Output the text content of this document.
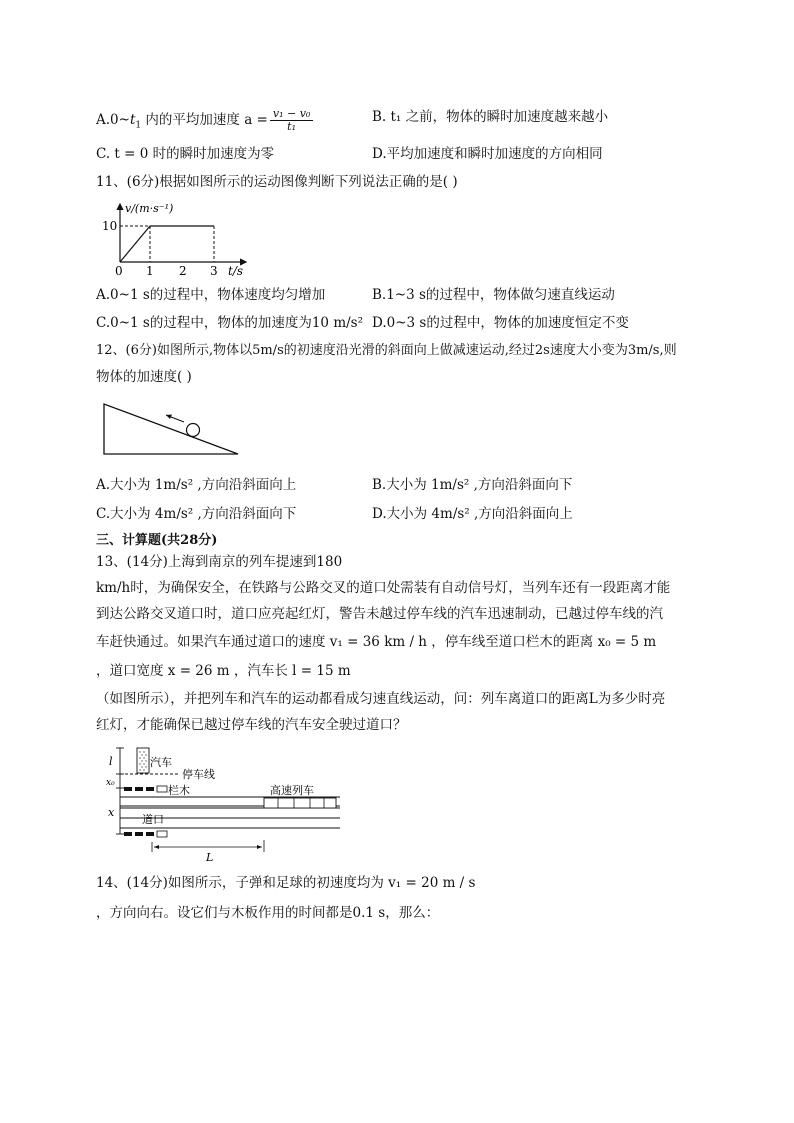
$A.0\sim t_1$ 内的平均加速度 $a = \frac{\text{v₁ − v₀}}{\text{t₁}}$	B. t₁ 之前，物体的瞬时加速度越来越小
C. t = 0 时的瞬时加速度为零	D.平均加速度和瞬时加速度的方向相同
11、(6分)根据如图所示的运动图像判断下列说法正确的是( )
v/(m·s⁻¹)
10
0 1 2 3 t/s
A.0~1 s的过程中，物体速度均匀增加	B.1~3 s的过程中，物体做匀速直线运动
C.0~1 s的过程中，物体的加速度为10 m/s² D.0~3 s的过程中，物体的加速度恒定不变
12、(6分)如图所示,物体以5m/s的初速度沿光滑的斜面向上做减速运动,经过2s速度大小变为3m/s,则
物体的加速度( )
A.大小为 1m/s² ,方向沿斜面向上	B.大小为 1m/s² ,方向沿斜面向下
C.大小为 4m/s² ,方向沿斜面向下	D.大小为 4m/s² ,方向沿斜面向上
三、计算题(共28分)
13、(14分)上海到南京的列车提速到180
km/h时，为确保安全，在铁路与公路交叉的道口处需装有自动信号灯，当列车还有一段距离才能
到达公路交叉道口时，道口应亮起红灯，警告未越过停车线的汽车迅速制动，已越过停车线的汽
车赶快通过。如果汽车通过道口的速度 v₁ = 36 km / h ，停车线至道口栏木的距离 x₀ = 5 m
，道口宽度 x = 26 m ，汽车长 l = 15 m
（如图所示），并把列车和汽车的运动都看成匀速直线运动，问：列车离道口的距离L为多少时亮
红灯，才能确保已越过停车线的汽车安全驶过道口？
l
x₀
x
汽车
停车线
栏木
道口
高速列车
L
14、(14分)如图所示，子弹和足球的初速度均为 v₁ = 20 m / s
，方向向右。设它们与木板作用的时间都是0.1 s，那么：
